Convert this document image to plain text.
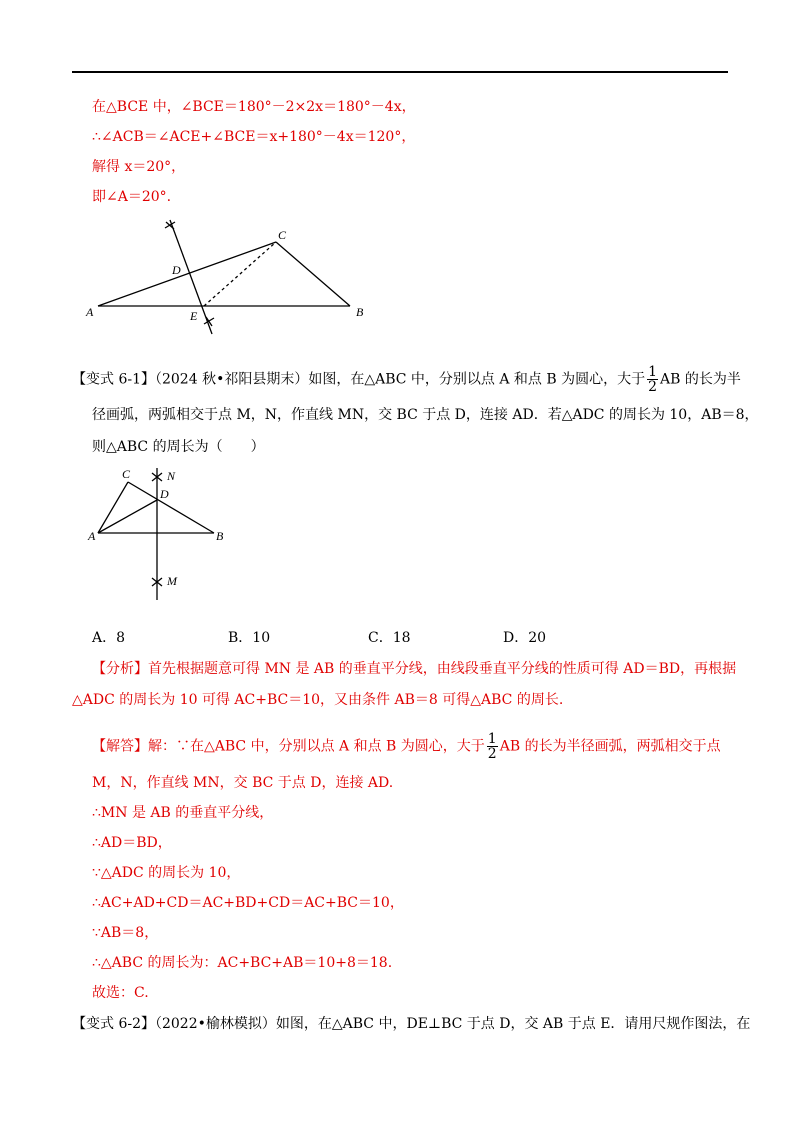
在△BCE 中，∠BCE＝180°－2×2x＝180°－4x，
∴∠ACB＝∠ACE+∠BCE＝x+180°－4x＝120°，
解得 x＝20°，
即∠A＝20°.
A	B
C
D
E
【变式 6-1】（2024 秋•祁阳县期末）如图，在△ABC 中，分别以点 A 和点 B 为圆心，大于 $\frac{1}{2}$ AB 的长为半
径画弧，两弧相交于点 M，N，作直线 MN，交 BC 于点 D，连接 AD．若△ADC 的周长为 10，AB＝8，
则△ABC 的周长为（　　）
A	B
C
D
M
N
A．8	B．10	C．18	D．20
【分析】首先根据题意可得 MN 是 AB 的垂直平分线，由线段垂直平分线的性质可得 AD＝BD，再根据
△ADC 的周长为 10 可得 AC+BC＝10，又由条件 AB＝8 可得△ABC 的周长.
【解答】解：∵在△ABC 中，分别以点 A 和点 B 为圆心，大于 $\frac{1}{2}$ AB 的长为半径画弧，两弧相交于点
M，N，作直线 MN，交 BC 于点 D，连接 AD.
∴MN 是 AB 的垂直平分线，
∴AD＝BD，
∵△ADC 的周长为 10，
∴AC+AD+CD＝AC+BD+CD＝AC+BC＝10，
∵AB＝8，
∴△ABC 的周长为：AC+BC+AB＝10+8＝18.
故选：C.
【变式 6-2】（2022•榆林模拟）如图，在△ABC 中，DE⊥BC 于点 D，交 AB 于点 E．请用尺规作图法，在
